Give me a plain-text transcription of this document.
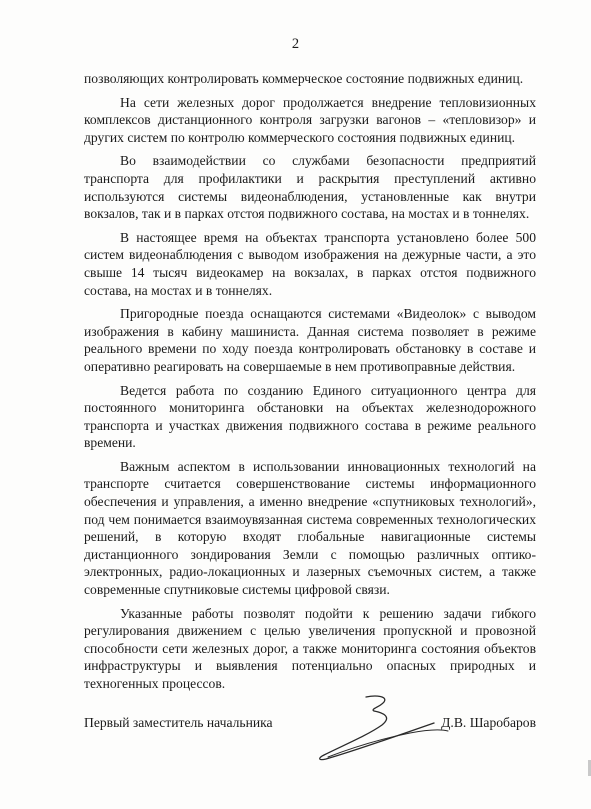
2

позволяющих контролировать коммерческое состояние подвижных единиц.

На сети железных дорог продолжается внедрение тепловизионных комплексов дистанционного контроля загрузки вагонов – «тепловизор» и других систем по контролю коммерческого состояния подвижных единиц.

Во взаимодействии со службами безопасности предприятий транспорта для профилактики и раскрытия преступлений активно используются системы видеонаблюдения, установленные как внутри вокзалов, так и в парках отстоя подвижного состава, на мостах и в тоннелях.

В настоящее время на объектах транспорта установлено более 500 систем видеонаблюдения с выводом изображения на дежурные части, а это свыше 14 тысяч видеокамер на вокзалах, в парках отстоя подвижного состава, на мостах и в тоннелях.

Пригородные поезда оснащаются системами «Видеолок» с выводом изображения в кабину машиниста. Данная система позволяет в режиме реального времени по ходу поезда контролировать обстановку в составе и оперативно реагировать на совершаемые в нем противоправные действия.

Ведется работа по созданию Единого ситуационного центра для постоянного мониторинга обстановки на объектах железнодорожного транспорта и участках движения подвижного состава в режиме реального времени.

Важным аспектом в использовании инновационных технологий на транспорте считается совершенствование системы информационного обеспечения и управления, а именно внедрение «спутниковых технологий», под чем понимается взаимоувязанная система современных технологических решений, в которую входят глобальные навигационные системы дистанционного зондирования Земли с помощью различных оптико-электронных, радио-локационных и лазерных съемочных систем, а также современные спутниковые системы цифровой связи.

Указанные работы позволят подойти к решению задачи гибкого регулирования движением с целью увеличения пропускной и провозной способности сети железных дорог, а также мониторинга состояния объектов инфраструктуры и выявления потенциально опасных природных и техногенных процессов.

Первый заместитель начальника	Д.В. Шаробаров
